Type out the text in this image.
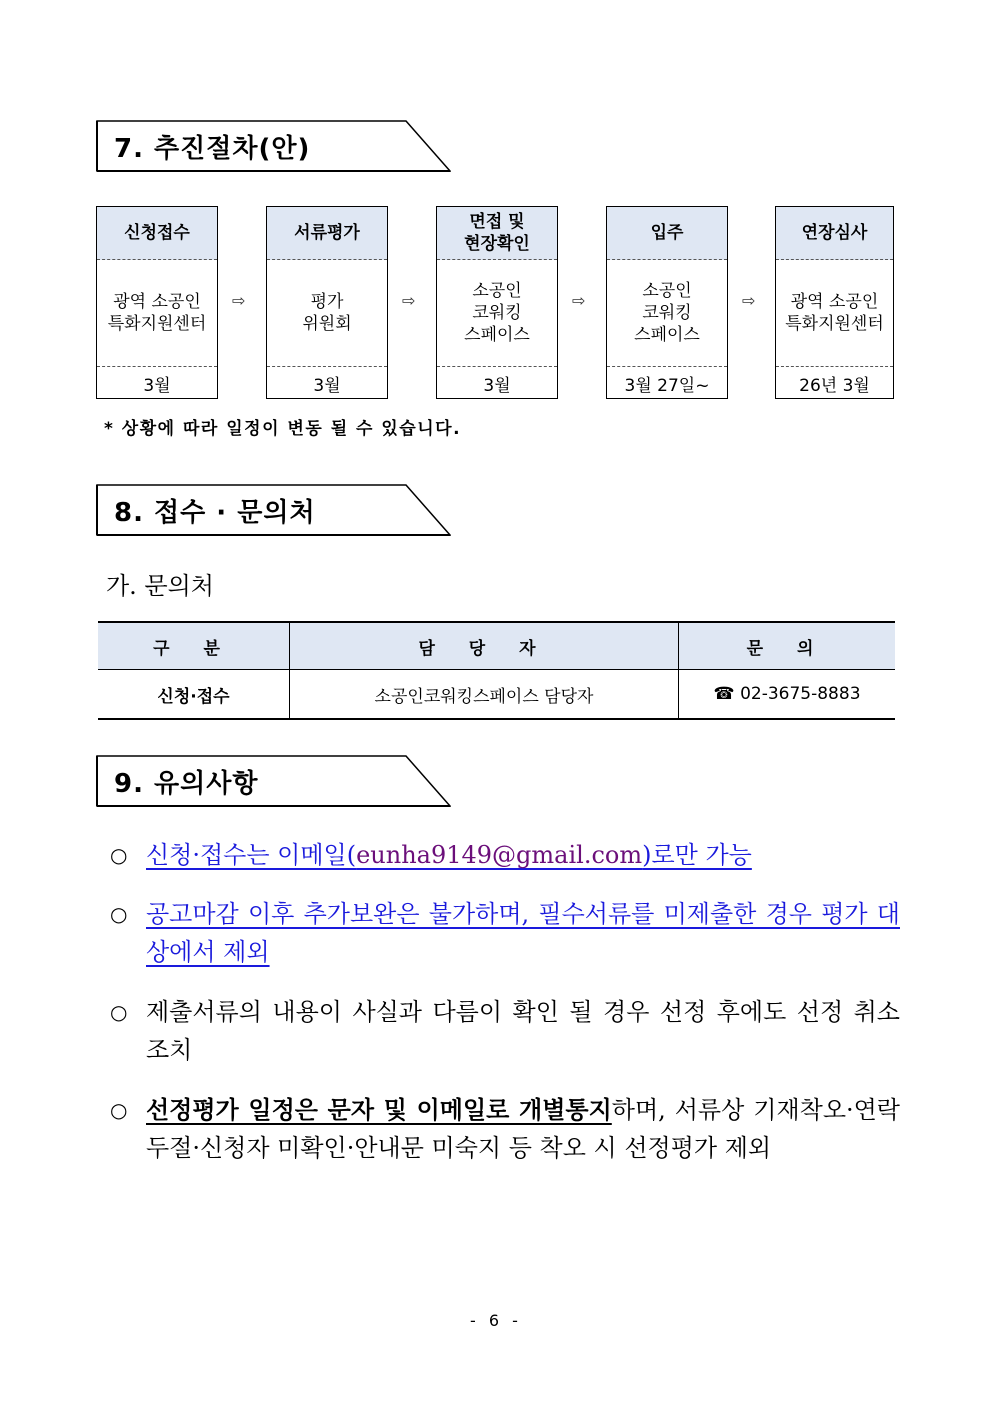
7. 추진절차(안)
신청접수
광역 소공인
특화지원센터
3월
⇨
서류평가
평가
위원회
3월
⇨
면접 및
현장확인
소공인
코워킹
스페이스
3월
⇨
입주
소공인
코워킹
스페이스
3월 27일~
⇨
연장심사
광역 소공인
특화지원센터
26년 3월
* 상황에 따라 일정이 변동 될 수 있습니다.
8. 접수 · 문의처
가. 문의처
구 분	담 당 자	문 의
신청·접수	소공인코워킹스페이스 담당자	☎ 02-3675-8883
9. 유의사항
○ 신청·접수는 이메일(eunha9149@gmail.com)로만 가능
○ 공고마감 이후 추가보완은 불가하며, 필수서류를 미제출한 경우 평가 대상에서 제외
○ 제출서류의 내용이 사실과 다름이 확인 될 경우 선정 후에도 선정 취소 조치
○ 선정평가 일정은 문자 및 이메일로 개별통지하며, 서류상 기재착오·연락두절·신청자 미확인·안내문 미숙지 등 착오 시 선정평가 제외
- 6 -
